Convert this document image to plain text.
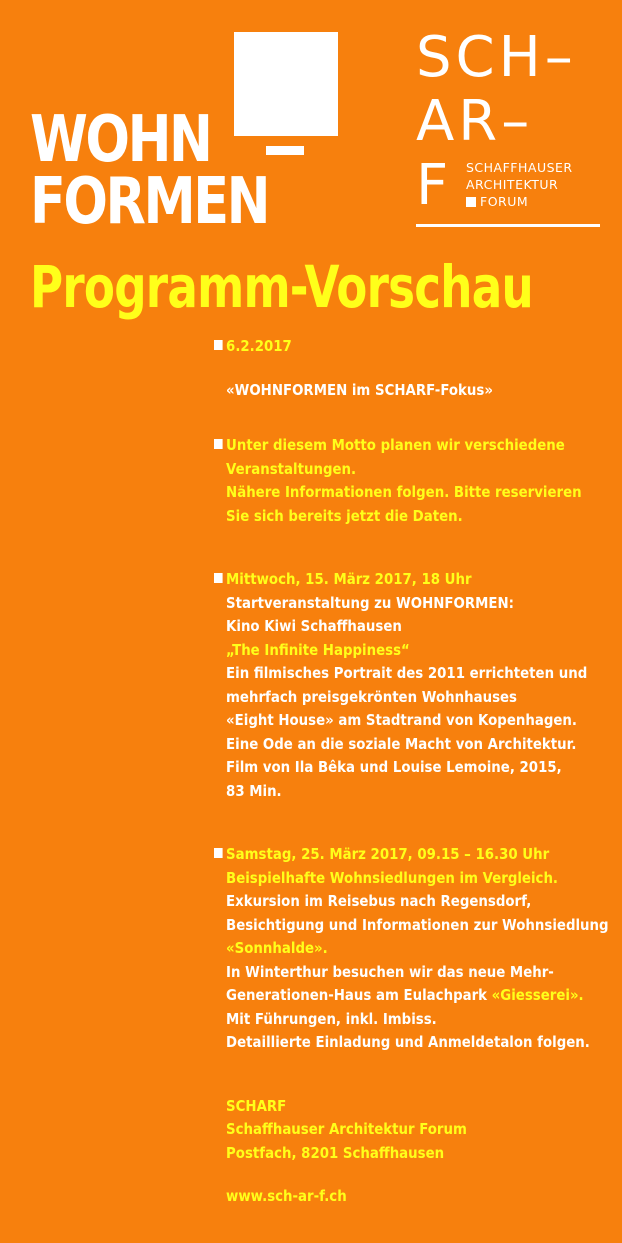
WOHN
FORMEN
SCH–
AR–
F SCHAFFHAUSER
ARCHITEKTUR
FORUM
Programm-Vorschau
6.2.2017
«WOHNFORMEN im SCHARF-Fokus»
Unter diesem Motto planen wir verschiedene
Veranstaltungen.
Nähere Informationen folgen. Bitte reservieren
Sie sich bereits jetzt die Daten.
Mittwoch, 15. März 2017, 18 Uhr
Startveranstaltung zu WOHNFORMEN:
Kino Kiwi Schaffhausen
„The Infinite Happiness“
Ein filmisches Portrait des 2011 errichteten und
mehrfach preisgekrönten Wohnhauses
«Eight House» am Stadtrand von Kopenhagen.
Eine Ode an die soziale Macht von Architektur.
Film von Ila Bêka und Louise Lemoine, 2015,
83 Min.
Samstag, 25. März 2017, 09.15 – 16.30 Uhr
Beispielhafte Wohnsiedlungen im Vergleich.
Exkursion im Reisebus nach Regensdorf,
Besichtigung und Informationen zur Wohnsiedlung
«Sonnhalde».
In Winterthur besuchen wir das neue Mehr-
Generationen-Haus am Eulachpark «Giesserei».
Mit Führungen, inkl. Imbiss.
Detaillierte Einladung und Anmeldetalon folgen.
SCHARF
Schaffhauser Architektur Forum
Postfach, 8201 Schaffhausen
www.sch-ar-f.ch
